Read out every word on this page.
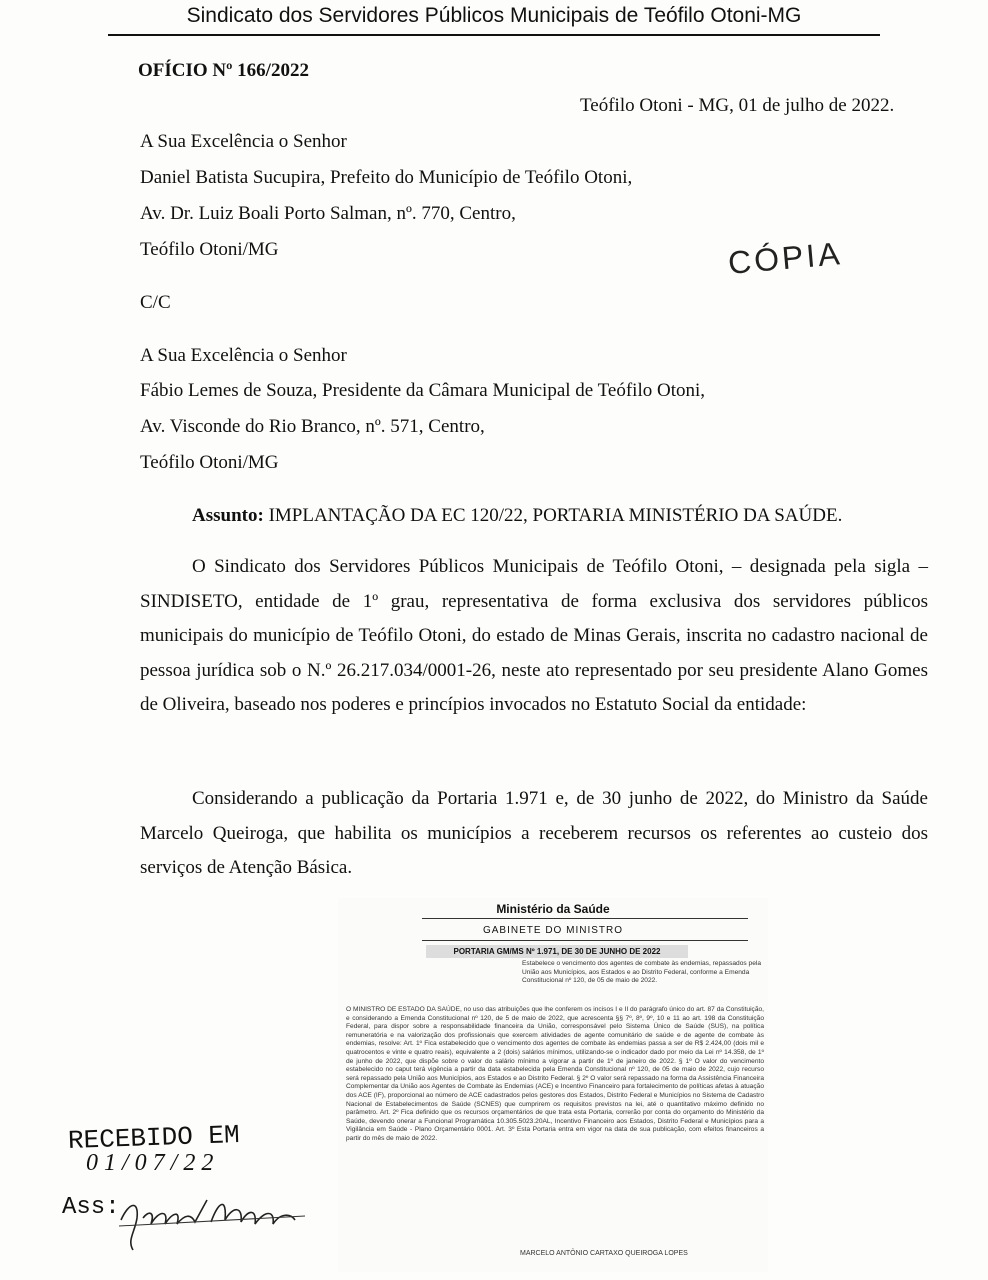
Sindicato dos Servidores Públicos Municipais de Teófilo Otoni-MG
OFÍCIO Nº 166/2022
Teófilo Otoni - MG, 01 de julho de 2022.
A Sua Excelência o Senhor
Daniel Batista Sucupira, Prefeito do Município de Teófilo Otoni,
Av. Dr. Luiz Boali Porto Salman, nº. 770, Centro,
Teófilo Otoni/MG	CÓPIA
C/C
A Sua Excelência o Senhor
Fábio Lemes de Souza, Presidente da Câmara Municipal de Teófilo Otoni,
Av. Visconde do Rio Branco, nº. 571, Centro,
Teófilo Otoni/MG
Assunto: IMPLANTAÇÃO DA EC 120/22, PORTARIA MINISTÉRIO DA SAÚDE.
O Sindicato dos Servidores Públicos Municipais de Teófilo Otoni, – designada pela sigla – SINDISETO, entidade de 1º grau, representativa de forma exclusiva dos servidores públicos municipais do município de Teófilo Otoni, do estado de Minas Gerais, inscrita no cadastro nacional de pessoa jurídica sob o N.º 26.217.034/0001-26, neste ato representado por seu presidente Alano Gomes de Oliveira, baseado nos poderes e princípios invocados no Estatuto Social da entidade:
Considerando a publicação da Portaria 1.971 e, de 30 junho de 2022, do Ministro da Saúde Marcelo Queiroga, que habilita os municípios a receberem recursos os referentes ao custeio dos serviços de Atenção Básica.
Ministério da Saúde
GABINETE DO MINISTRO
PORTARIA GM/MS Nº 1.971, DE 30 DE JUNHO DE 2022
Estabelece o vencimento dos agentes de combate às endemias, repassados pela União aos Municípios, aos Estados e ao Distrito Federal, conforme a Emenda Constitucional nº 120, de 05 de maio de 2022.
O MINISTRO DE ESTADO DA SAÚDE, no uso das atribuições que lhe conferem os incisos I e II do parágrafo único do art. 87 da Constituição, e considerando a Emenda Constitucional nº 120, de 5 de maio de 2022, que acrescenta §§ 7º, 8º, 9º, 10 e 11 ao art. 198 da Constituição Federal, para dispor sobre a responsabilidade financeira da União, corresponsável pelo Sistema Único de Saúde (SUS), na política remuneratória e na valorização dos profissionais que exercem atividades de agente comunitário de saúde e de agente de combate às endemias, resolve: Art. 1º Fica estabelecido que o vencimento dos agentes de combate às endemias passa a ser de R$ 2.424,00 (dois mil e quatrocentos e vinte e quatro reais), equivalente a 2 (dois) salários mínimos, utilizando-se o indicador dado por meio da Lei nº 14.358, de 1º de junho de 2022, que dispõe sobre o valor do salário mínimo a vigorar a partir de 1º de janeiro de 2022. § 1º O valor do vencimento estabelecido no caput terá vigência a partir da data estabelecida pela Emenda Constitucional nº 120, de 05 de maio de 2022, cujo recurso será repassado pela União aos Municípios, aos Estados e ao Distrito Federal. § 2º O valor será repassado na forma da Assistência Financeira Complementar da União aos Agentes de Combate às Endemias (ACE) e Incentivo Financeiro para fortalecimento de políticas afetas à atuação dos ACE (IF), proporcional ao número de ACE cadastrados pelos gestores dos Estados, Distrito Federal e Municípios no Sistema de Cadastro Nacional de Estabelecimentos de Saúde (SCNES) que cumprirem os requisitos previstos na lei, até o quantitativo máximo definido no parâmetro. Art. 2º Fica definido que os recursos orçamentários de que trata esta Portaria, correrão por conta do orçamento do Ministério da Saúde, devendo onerar a Funcional Programática 10.305.5023.20AL, Incentivo Financeiro aos Estados, Distrito Federal e Municípios para a Vigilância em Saúde - Plano Orçamentário 0001. Art. 3º Esta Portaria entra em vigor na data de sua publicação, com efeitos financeiros a partir do mês de maio de 2022.
MARCELO ANTÔNIO CARTAXO QUEIROGA LOPES
RECEBIDO EM
01/07/22
Ass:
